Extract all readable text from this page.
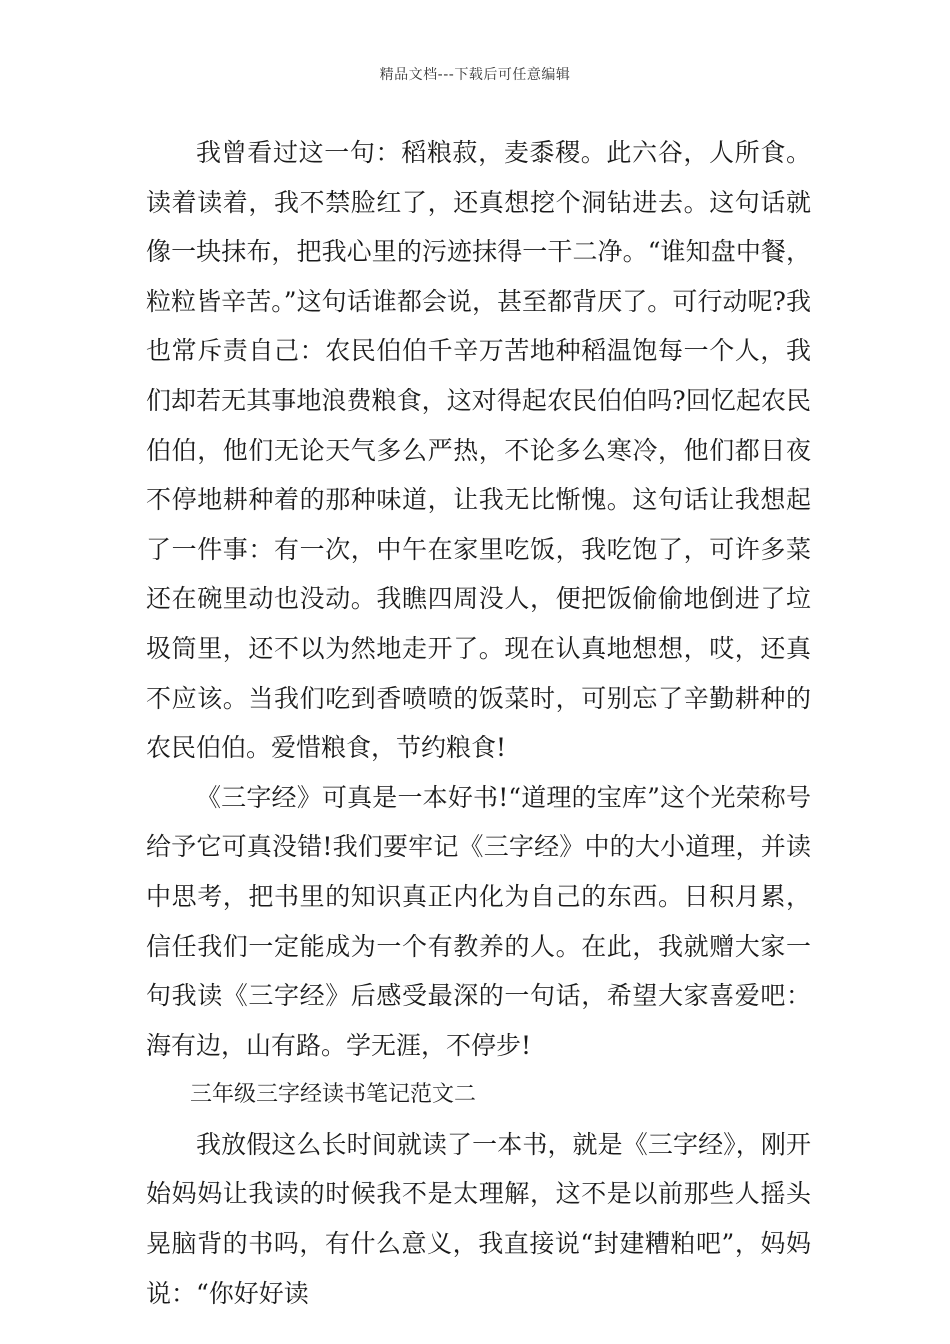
精品文档---下载后可任意编辑

我曾看过这一句：稻粮菽，麦黍稷。此六谷，人所食。读着读着，我不禁脸红了，还真想挖个洞钻进去。这句话就像一块抹布，把我心里的污迹抹得一干二净。“谁知盘中餐，粒粒皆辛苦。”这句话谁都会说，甚至都背厌了。可行动呢?我也常斥责自己：农民伯伯千辛万苦地种稻温饱每一个人，我们却若无其事地浪费粮食，这对得起农民伯伯吗?回忆起农民伯伯，他们无论天气多么严热，不论多么寒冷，他们都日夜不停地耕种着的那种味道，让我无比惭愧。这句话让我想起了一件事：有一次，中午在家里吃饭，我吃饱了，可许多菜还在碗里动也没动。我瞧四周没人，便把饭偷偷地倒进了垃圾筒里，还不以为然地走开了。现在认真地想想，哎，还真不应该。当我们吃到香喷喷的饭菜时，可别忘了辛勤耕种的农民伯伯。爱惜粮食，节约粮食!

《三字经》可真是一本好书!“道理的宝库”这个光荣称号给予它可真没错!我们要牢记《三字经》中的大小道理，并读中思考，把书里的知识真正内化为自己的东西。日积月累，信任我们一定能成为一个有教养的人。在此，我就赠大家一句我读《三字经》后感受最深的一句话，希望大家喜爱吧：海有边，山有路。学无涯，不停步!

三年级三字经读书笔记范文二

我放假这么长时间就读了一本书，就是《三字经》，刚开始妈妈让我读的时候我不是太理解，这不是以前那些人摇头晃脑背的书吗，有什么意义，我直接说“封建糟粕吧”，妈妈说：“你好好读
